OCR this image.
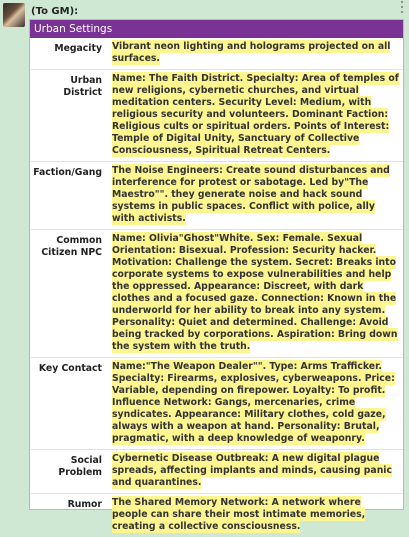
(To GM):
Urban Settings
Megacity	Vibrant neon lighting and holograms projected on all surfaces.
Urban District	Name: The Faith District. Specialty: Area of temples of new religions, cybernetic churches, and virtual meditation centers. Security Level: Medium, with religious security and volunteers. Dominant Faction: Religious cults or spiritual orders. Points of Interest: Temple of Digital Unity, Sanctuary of Collective Consciousness, Spiritual Retreat Centers.
Faction/Gang	The Noise Engineers: Create sound disturbances and interference for protest or sabotage. Led by"The Maestro"". they generate noise and hack sound systems in public spaces. Conflict with police, ally with activists.
Common Citizen NPC	Name: Olivia"Ghost"White. Sex: Female. Sexual Orientation: Bisexual. Profession: Security hacker. Motivation: Challenge the system. Secret: Breaks into corporate systems to expose vulnerabilities and help the oppressed. Appearance: Discreet, with dark clothes and a focused gaze. Connection: Known in the underworld for her ability to break into any system. Personality: Quiet and determined. Challenge: Avoid being tracked by corporations. Aspiration: Bring down the system with the truth.
Key Contact	Name:"The Weapon Dealer"". Type: Arms Trafficker. Specialty: Firearms, explosives, cyberweapons. Price: Variable, depending on firepower. Loyalty: To profit. Influence Network: Gangs, mercenaries, crime syndicates. Appearance: Military clothes, cold gaze, always with a weapon at hand. Personality: Brutal, pragmatic, with a deep knowledge of weaponry.
Social Problem	Cybernetic Disease Outbreak: A new digital plague spreads, affecting implants and minds, causing panic and quarantines.
Rumor	The Shared Memory Network: A network where people can share their most intimate memories, creating a collective consciousness.
